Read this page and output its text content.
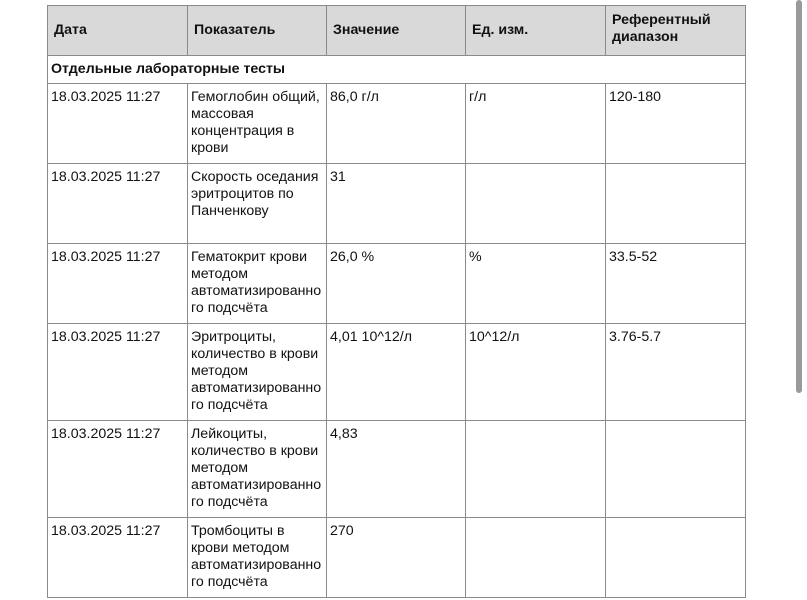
Дата	Показатель	Значение	Ед. изм.	Референтный диапазон
Отдельные лабораторные тесты				
18.03.2025 11:27	Гемоглобин общий, массовая концентрация в крови	86,0 г/л	г/л	120-180
18.03.2025 11:27	Скорость оседания эритроцитов по Панченкову	31		
18.03.2025 11:27	Гематокрит крови методом автоматизированного подсчёта	26,0 %	%	33.5-52
18.03.2025 11:27	Эритроциты, количество в крови методом автоматизированного подсчёта	4,01 10^12/л	10^12/л	3.76-5.7
18.03.2025 11:27	Лейкоциты, количество в крови методом автоматизированного подсчёта	4,83		
18.03.2025 11:27	Тромбоциты в крови методом автоматизированного подсчёта	270		
